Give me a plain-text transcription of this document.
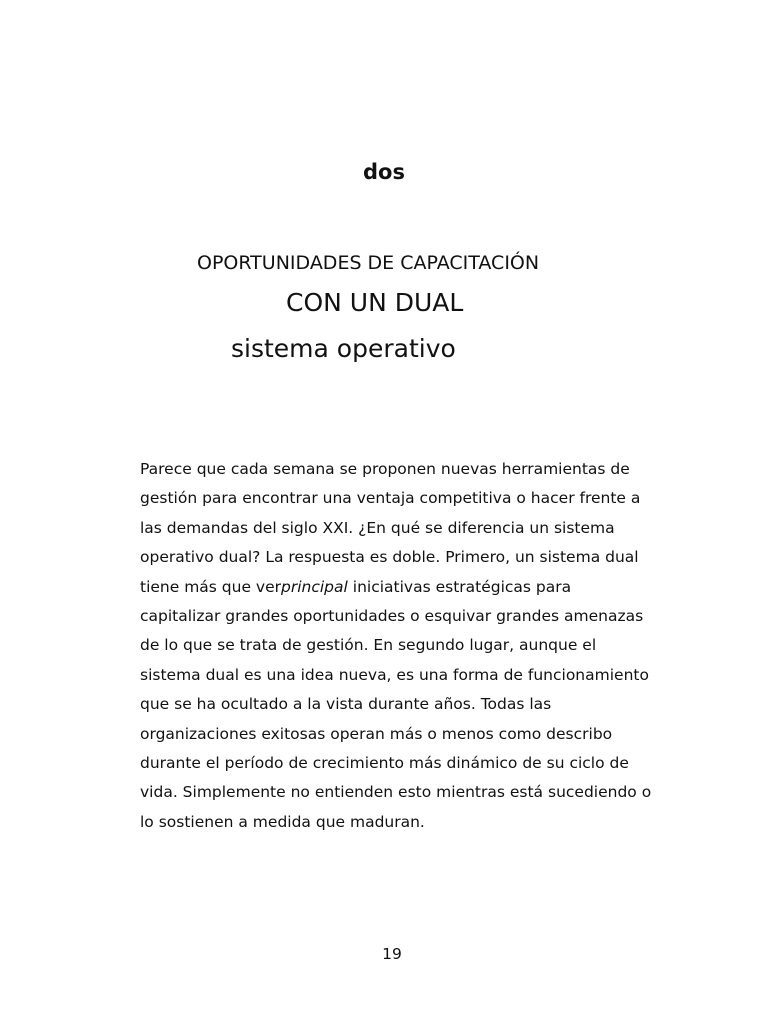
dos
OPORTUNIDADES DE CAPACITACIÓN
CON UN DUAL
sistema operativo
Parece que cada semana se proponen nuevas herramientas de
gestión para encontrar una ventaja competitiva o hacer frente a
las demandas del siglo XXI. ¿En qué se diferencia un sistema
operativo dual? La respuesta es doble. Primero, un sistema dual
tiene más que verprincipal iniciativas estratégicas para
capitalizar grandes oportunidades o esquivar grandes amenazas
de lo que se trata de gestión. En segundo lugar, aunque el
sistema dual es una idea nueva, es una forma de funcionamiento
que se ha ocultado a la vista durante años. Todas las
organizaciones exitosas operan más o menos como describo
durante el período de crecimiento más dinámico de su ciclo de
vida. Simplemente no entienden esto mientras está sucediendo o
lo sostienen a medida que maduran.
19
